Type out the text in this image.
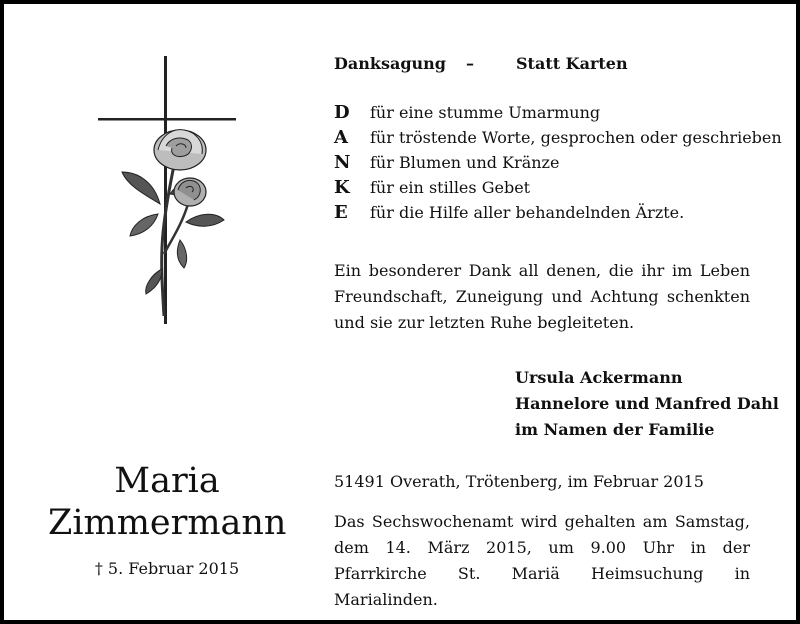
Danksagung –	Statt Karten
D für eine stumme Umarmung
A für tröstende Worte, gesprochen oder geschrieben
N für Blumen und Kränze
K für ein stilles Gebet
E für die Hilfe aller behandelnden Ärzte.
Ein besonderer Dank all denen, die ihr im Leben Freundschaft, Zuneigung und Achtung schenkten und sie zur letzten Ruhe begleiteten.
Ursula Ackermann
Hannelore und Manfred Dahl
im Namen der Familie
Maria
Zimmermann
† 5. Februar 2015
51491 Overath, Trötenberg, im Februar 2015
Das Sechswochenamt wird gehalten am Samstag, dem 14. März 2015, um 9.00 Uhr in der Pfarrkirche St. Mariä Heimsuchung in Marialinden.
